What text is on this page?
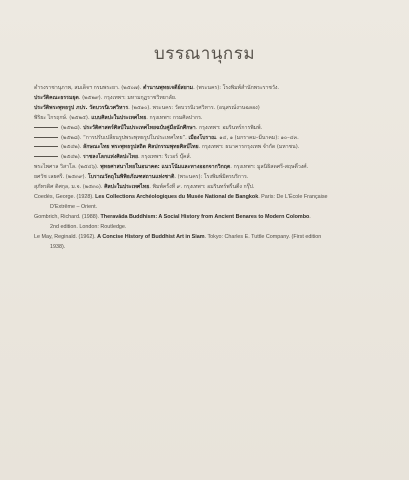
บรรณานุกรม
ดำรงราชานุภาพ, สมเด็จฯ กรมพระยา. (๒๕๐๗). ตำนานพุทธเจดีย์สยาม. (พระนคร): โรงพิมพ์สำนักพระราชวัง.
ประวัติคณะธรรมยุต. (๒๕๒๙). กรุงเทพฯ: มหามกุฏราชวิทยาลัย.
ประวัติพระพุทธรูป ภปร. วัดบวรนิเวศวิหาร. (๒๕๑๐). พระนคร: วัดบวรนิเวศวิหาร. (อนุสรณ์งานฉลอง)
พิริยะ ไกรฤกษ์. (๒๕๒๕). แบบศิลปะในประเทศไทย. กรุงเทพฯ: กรมศิลปากร.
(๒๕๒๘). ประวัติศาสตร์ศิลป์ในประเทศไทยฉบับคู่มือนักศึกษา. กรุงเทพฯ: อมรินทร์การพิมพ์.
(๒๕๒๘). “การปรับเปลี่ยนรูปพระพุทธรูปในประเทศไทย”. เมืองโบราณ. ๑๔, ๑ (มกราคม–มีนาคม): ๑๐–๔๓.
(๒๕๔๒). ลักษณะไทย พระพุทธรูปสถิต ศิลปกรรมพุทธศิลป์ไทย. กรุงเทพฯ: ธนาคารกรุงเทพ จำกัด (มหาชน).
(๒๕๔๒). ราชลงโลกแห่งศิลปะไทย. กรุงเทพฯ: ริเวอร์ บุ๊คส์.
พระไพศาล วิสาโล. (๒๕๔๖). พุทธศาสนาไทยในอนาคต: แนวโน้มและทางออกจากวิกฤต. กรุงเทพฯ: มูลนิธิสดศรี-สฤษดิ์วงศ์.
ยศวัช เลยศรี. (๒๕๓๙). โบราณวัตถุในพิพิธภัณฑสถานแห่งชาติ. (พระนคร): โรงพิมพ์มิตรบริการ.
สุภัทรดิศ ดิศกุล, ม.จ. (๒๕๓๐). ศิลปะในประเทศไทย. พิมพ์ครั้งที่ ๙. กรุงเทพฯ: อมรินทร์พริ้นติ้ง กรุ๊ป.
Coedès, George. (1928). Les Collections Archéologiques du Musée National de Bangkok. Paris: De L'École Française
D'Extrême – Orient.
Gombrich, Richard. (1988). Theravāda Buddhism: A Social History from Ancient Benares to Modern Colombo.
2nd edition. London: Routledge.
Le May, Reginald. (1962). A Concise History of Buddhist Art in Siam. Tokyo: Charles E. Tuttle Company. (First edition
1938).
